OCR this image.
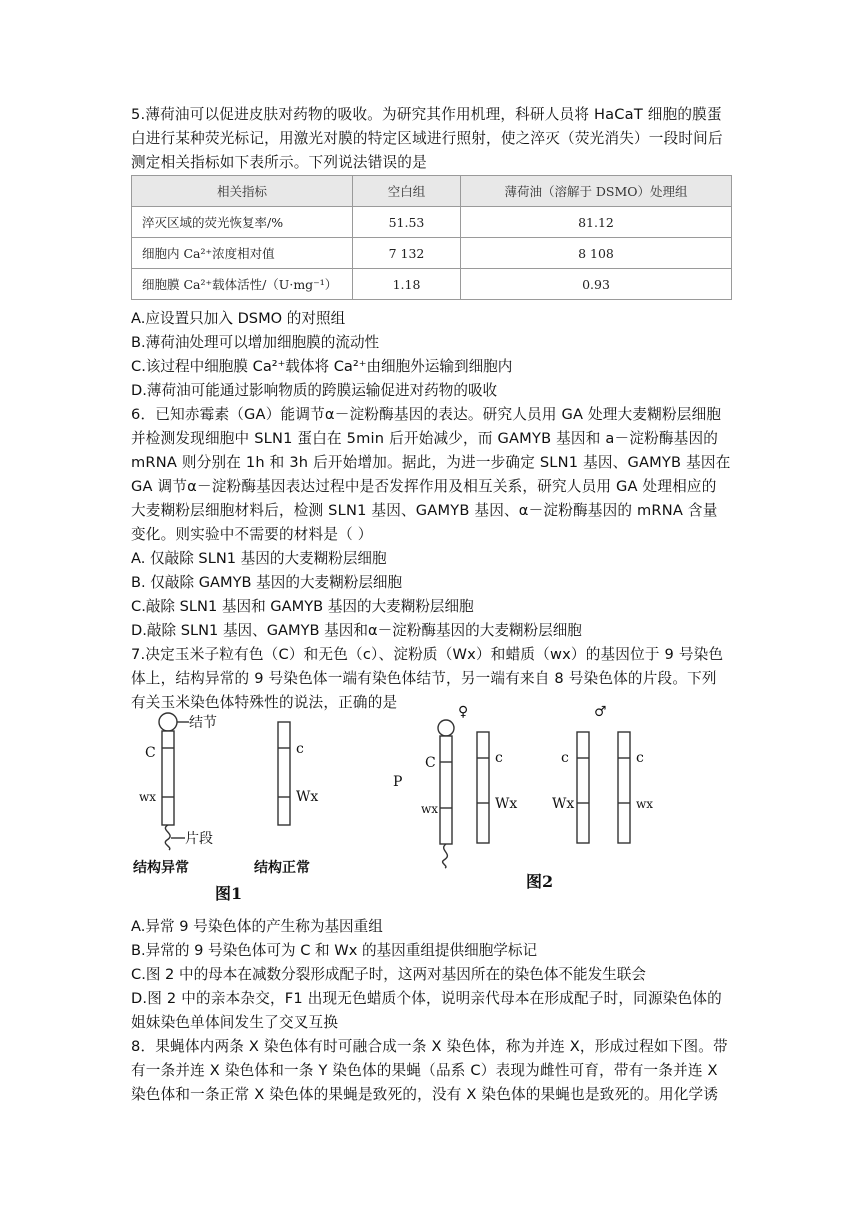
5.薄荷油可以促进皮肤对药物的吸收。为研究其作用机理，科研人员将 HaCaT 细胞的膜蛋白进行某种荧光标记，用激光对膜的特定区域进行照射，使之淬灭（荧光消失）一段时间后测定相关指标如下表所示。下列说法错误的是
相关指标	空白组	薄荷油（溶解于 DSMO）处理组
淬灭区域的荧光恢复率/%	51.53	81.12
细胞内 Ca²⁺浓度相对值	7 132	8 108
细胞膜 Ca²⁺载体活性/（U·mg⁻¹）	1.18	0.93
A.应设置只加入 DSMO 的对照组
B.薄荷油处理可以增加细胞膜的流动性
C.该过程中细胞膜 Ca²⁺载体将 Ca²⁺由细胞外运输到细胞内
D.薄荷油可能通过影响物质的跨膜运输促进对药物的吸收
6．已知赤霉素（GA）能调节α－淀粉酶基因的表达。研究人员用 GA 处理大麦糊粉层细胞并检测发现细胞中 SLN1 蛋白在 5min 后开始减少，而 GAMYB 基因和 a－淀粉酶基因的 mRNA 则分别在 1h 和 3h 后开始增加。据此，为进一步确定 SLN1 基因、GAMYB 基因在 GA 调节α－淀粉酶基因表达过程中是否发挥作用及相互关系，研究人员用 GA 处理相应的大麦糊粉层细胞材料后，检测 SLN1 基因、GAMYB 基因、α－淀粉酶基因的 mRNA 含量变化。则实验中不需要的材料是（ ）
A. 仅敲除 SLN1 基因的大麦糊粉层细胞
B. 仅敲除 GAMYB 基因的大麦糊粉层细胞
C.敲除 SLN1 基因和 GAMYB 基因的大麦糊粉层细胞
D.敲除 SLN1 基因、GAMYB 基因和α－淀粉酶基因的大麦糊粉层细胞
7.决定玉米子粒有色（C）和无色（c）、淀粉质（Wx）和蜡质（wx）的基因位于 9 号染色体上，结构异常的 9 号染色体一端有染色体结节，另一端有来自 8 号染色体的片段。下列有关玉米染色体特殊性的说法，正确的是
结节
C
wx
片段
结构异常	结构正常
图1
c
Wx
P
♀
C
wx
c
Wx
♂
c
Wx
c
wx
图2
A.异常 9 号染色体的产生称为基因重组
B.异常的 9 号染色体可为 C 和 Wx 的基因重组提供细胞学标记
C.图 2 中的母本在减数分裂形成配子时，这两对基因所在的染色体不能发生联会
D.图 2 中的亲本杂交，F1 出现无色蜡质个体，说明亲代母本在形成配子时，同源染色体的姐妹染色单体间发生了交叉互换
8．果蝇体内两条 X 染色体有时可融合成一条 X 染色体，称为并连 X，形成过程如下图。带有一条并连 X 染色体和一条 Y 染色体的果蝇（品系 C）表现为雌性可育，带有一条并连 X 染色体和一条正常 X 染色体的果蝇是致死的，没有 X 染色体的果蝇也是致死的。用化学诱
